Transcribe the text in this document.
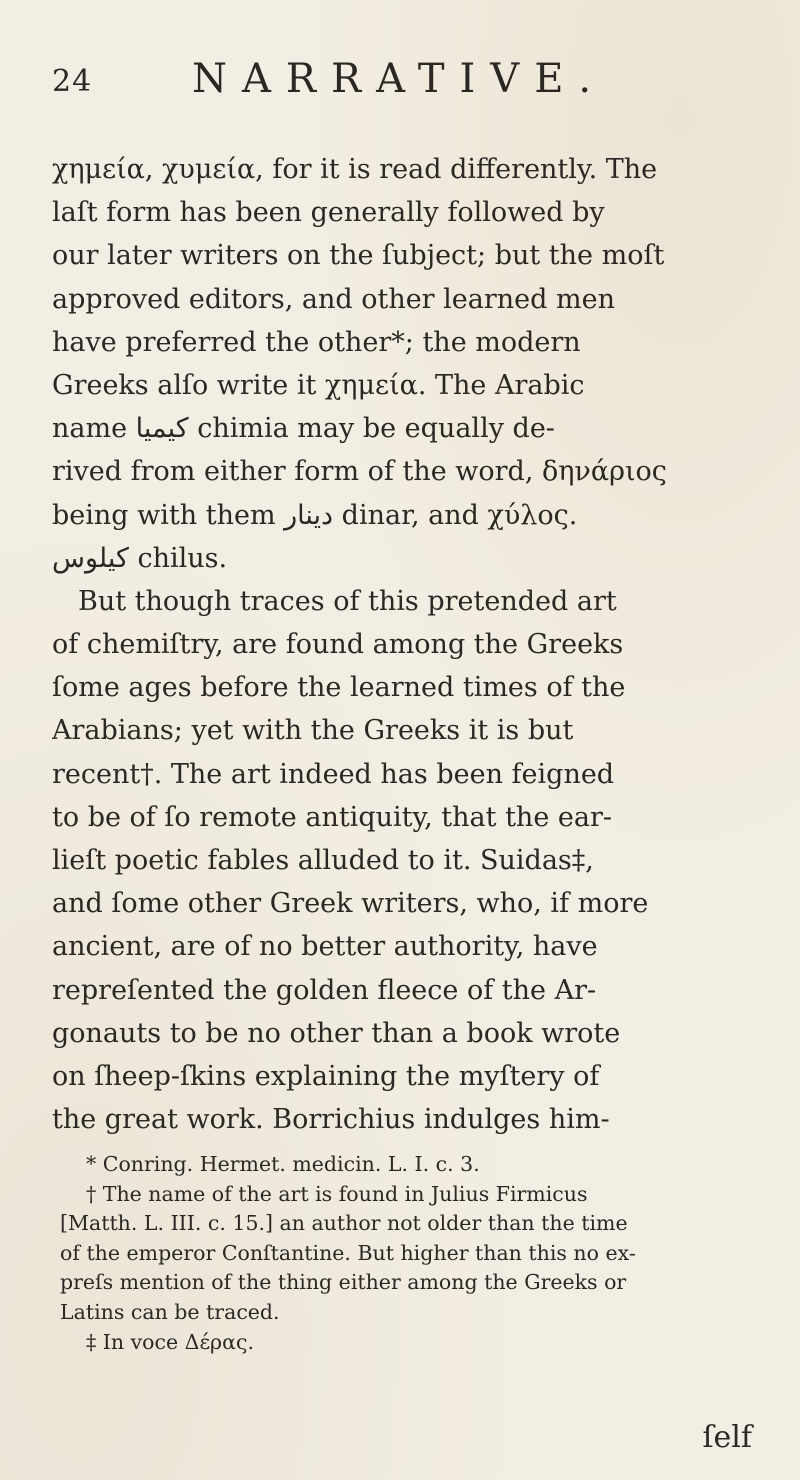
24 NARRATIVE.
χημεία, χυμεία, for it is read differently. The
laſt form has been generally followed by
our later writers on the ſubject; but the moſt
approved editors, and other learned men
have preferred the other*; the modern
Greeks alſo write it χημεία. The Arabic
name كيميا chimia may be equally de-
rived from either form of the word, δηνάριος
being with them دينار dinar, and χύλος.
كيلوس chilus.
But though traces of this pretended art
of chemiſtry, are found among the Greeks
ſome ages before the learned times of the
Arabians; yet with the Greeks it is but
recent†. The art indeed has been feigned
to be of ſo remote antiquity, that the ear-
lieſt poetic fables alluded to it. Suidas‡,
and ſome other Greek writers, who, if more
ancient, are of no better authority, have
repreſented the golden fleece of the Ar-
gonauts to be no other than a book wrote
on ſheep-ſkins explaining the myſtery of
the great work. Borrichius indulges him-
* Conring. Hermet. medicin. L. I. c. 3.
† The name of the art is found in Julius Firmicus
[Matth. L. III. c. 15.] an author not older than the time
of the emperor Conſtantine. But higher than this no ex-
preſs mention of the thing either among the Greeks or
Latins can be traced.
‡ In voce Δέρας.
ſelf
